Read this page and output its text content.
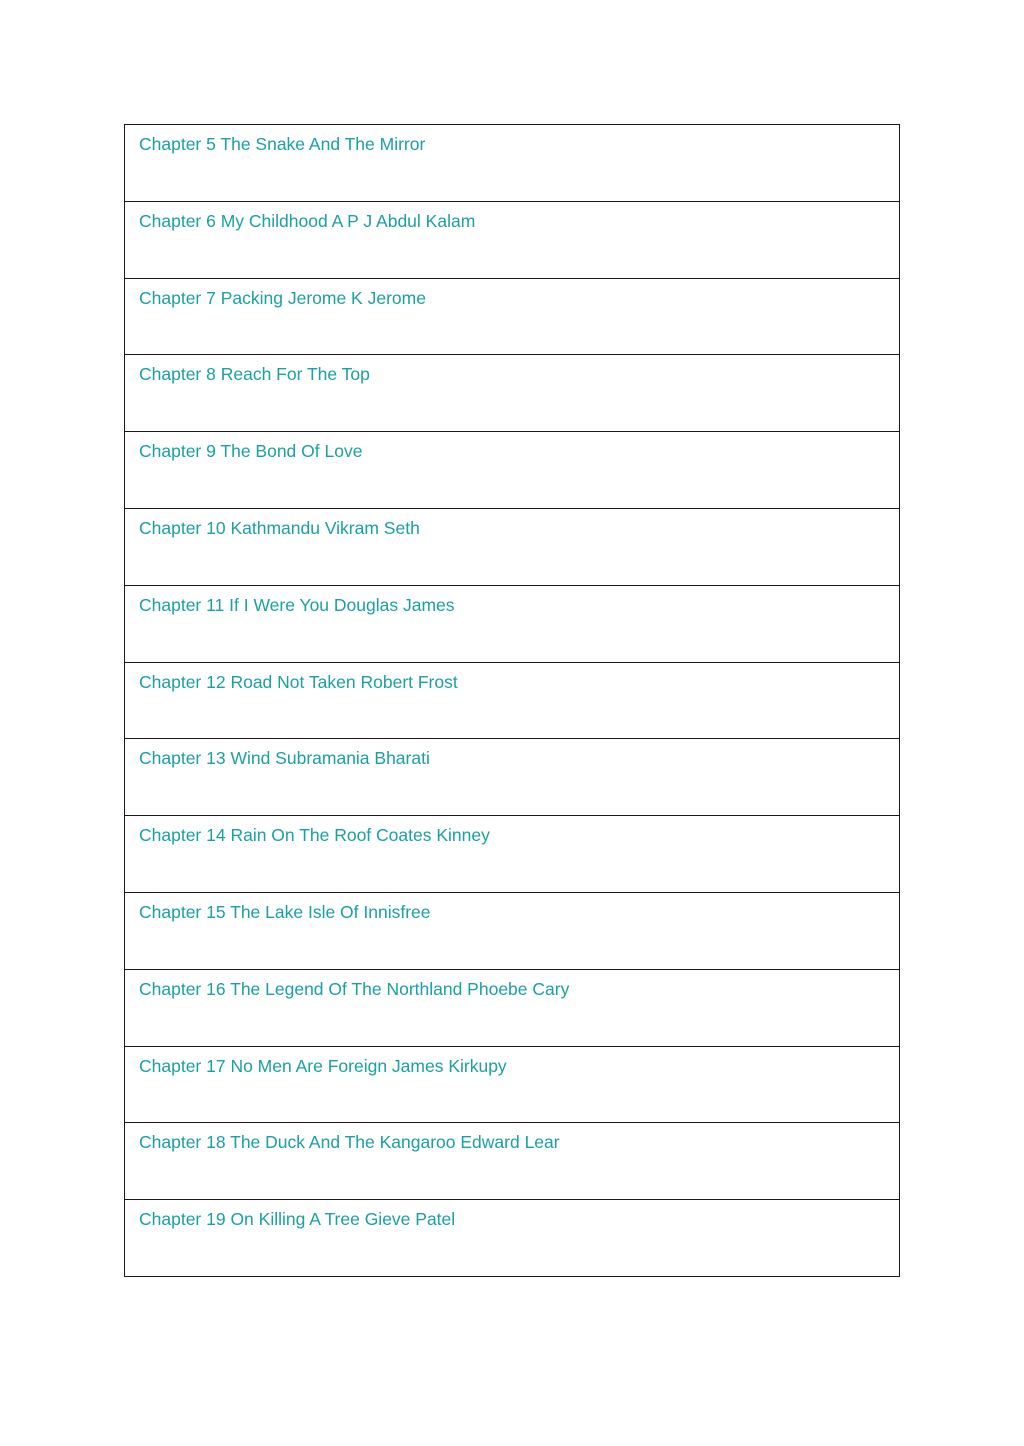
Chapter 5 The Snake And The Mirror
Chapter 6 My Childhood A P J Abdul Kalam
Chapter 7 Packing Jerome K Jerome
Chapter 8 Reach For The Top
Chapter 9 The Bond Of Love
Chapter 10 Kathmandu Vikram Seth
Chapter 11 If I Were You Douglas James
Chapter 12 Road Not Taken Robert Frost
Chapter 13 Wind Subramania Bharati
Chapter 14 Rain On The Roof Coates Kinney
Chapter 15 The Lake Isle Of Innisfree
Chapter 16 The Legend Of The Northland Phoebe Cary
Chapter 17 No Men Are Foreign James Kirkupy
Chapter 18 The Duck And The Kangaroo Edward Lear
Chapter 19 On Killing A Tree Gieve Patel
